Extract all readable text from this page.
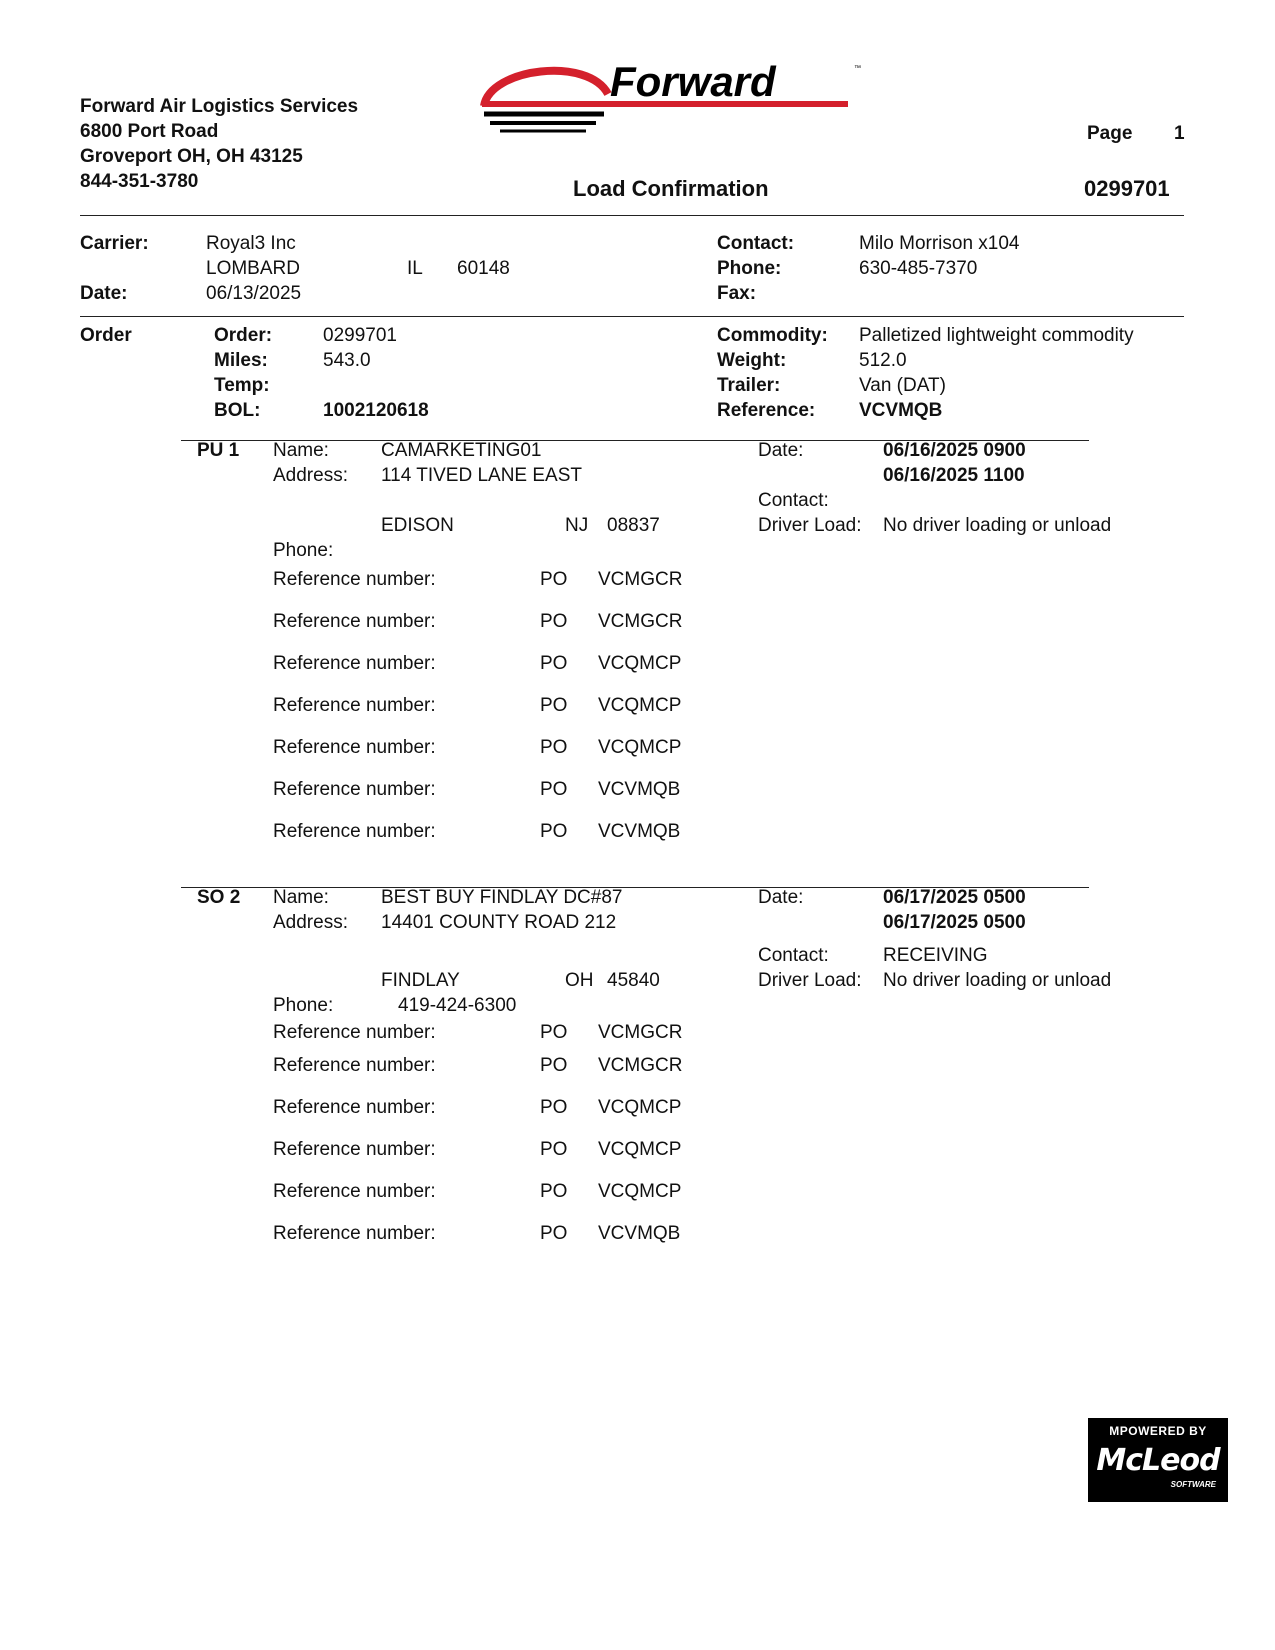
Forward Air Logistics Services
6800 Port Road
Groveport OH, OH 43125
844-351-3780
Forward	™
Page 1
Load Confirmation	0299701
Carrier:	Royal3 Inc
LOMBARD	IL 60148
Date:	06/13/2025
Contact:	Milo Morrison x104
Phone:	630-485-7370
Fax:
Order	Order:	0299701
Miles:	543.0
Temp:
BOL:	1002120618
Commodity: Palletized lightweight commodity
Weight:	512.0
Trailer:	Van (DAT)
Reference: VCVMQB
PU 1 Name:	CAMARKETING01
Address: 114 TIVED LANE EAST
EDISON	NJ 08837
Phone:
Date:	06/16/2025 0900
06/16/2025 1100
Contact:
Driver Load: No driver loading or unload
Reference number:	PO VCMGCR
Reference number:	PO VCMGCR
Reference number:	PO VCQMCP
Reference number:	PO VCQMCP
Reference number:	PO VCQMCP
Reference number:	PO VCVMQB
Reference number:	PO VCVMQB
SO 2 Name:	BEST BUY FINDLAY DC#87
Address: 14401 COUNTY ROAD 212
FINDLAY	OH 45840
Phone:	419-424-6300
Date:	06/17/2025 0500
06/17/2025 0500
Contact:	RECEIVING
Driver Load: No driver loading or unload
Reference number:	PO VCMGCR
Reference number:	PO VCMGCR
Reference number:	PO VCQMCP
Reference number:	PO VCQMCP
Reference number:	PO VCQMCP
Reference number:	PO VCVMQB
MPOWERED BY
McLeod
SOFTWARE
